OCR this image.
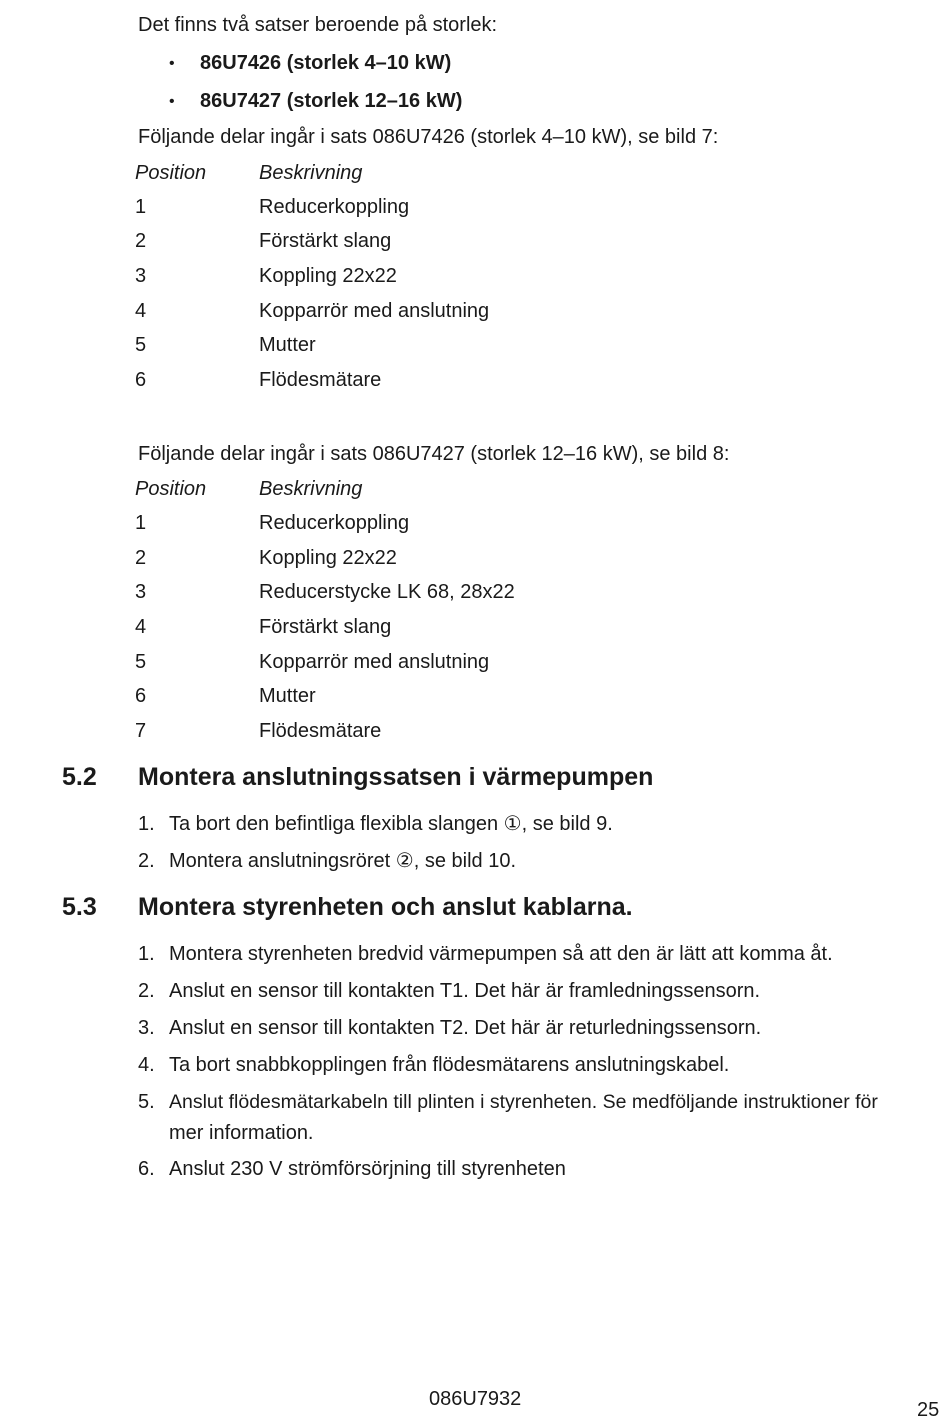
Det finns två satser beroende på storlek:
• 86U7426 (storlek 4–10 kW)
• 86U7427 (storlek 12–16 kW)
Följande delar ingår i sats 086U7426 (storlek 4–10 kW), se bild 7:
Position	Beskrivning
1	Reducerkoppling
2	Förstärkt slang
3	Koppling 22x22
4	Kopparrör med anslutning
5	Mutter
6	Flödesmätare
Följande delar ingår i sats 086U7427 (storlek 12–16 kW), se bild 8:
Position	Beskrivning
1	Reducerkoppling
2	Koppling 22x22
3	Reducerstycke LK 68, 28x22
4	Förstärkt slang
5	Kopparrör med anslutning
6	Mutter
7	Flödesmätare
5.2 Montera anslutningssatsen i värmepumpen
1. Ta bort den befintliga flexibla slangen ①, se bild 9.
2. Montera anslutningsröret ②, se bild 10.
5.3 Montera styrenheten och anslut kablarna.
1. Montera styrenheten bredvid värmepumpen så att den är lätt att komma åt.
2. Anslut en sensor till kontakten T1. Det här är framledningssensorn.
3. Anslut en sensor till kontakten T2. Det här är returledningssensorn.
4. Ta bort snabbkopplingen från flödesmätarens anslutningskabel.
5. Anslut flödesmätarkabeln till plinten i styrenheten. Se medföljande instruktioner för
mer information.
6. Anslut 230 V strömförsörjning till styrenheten
086U7932	25
